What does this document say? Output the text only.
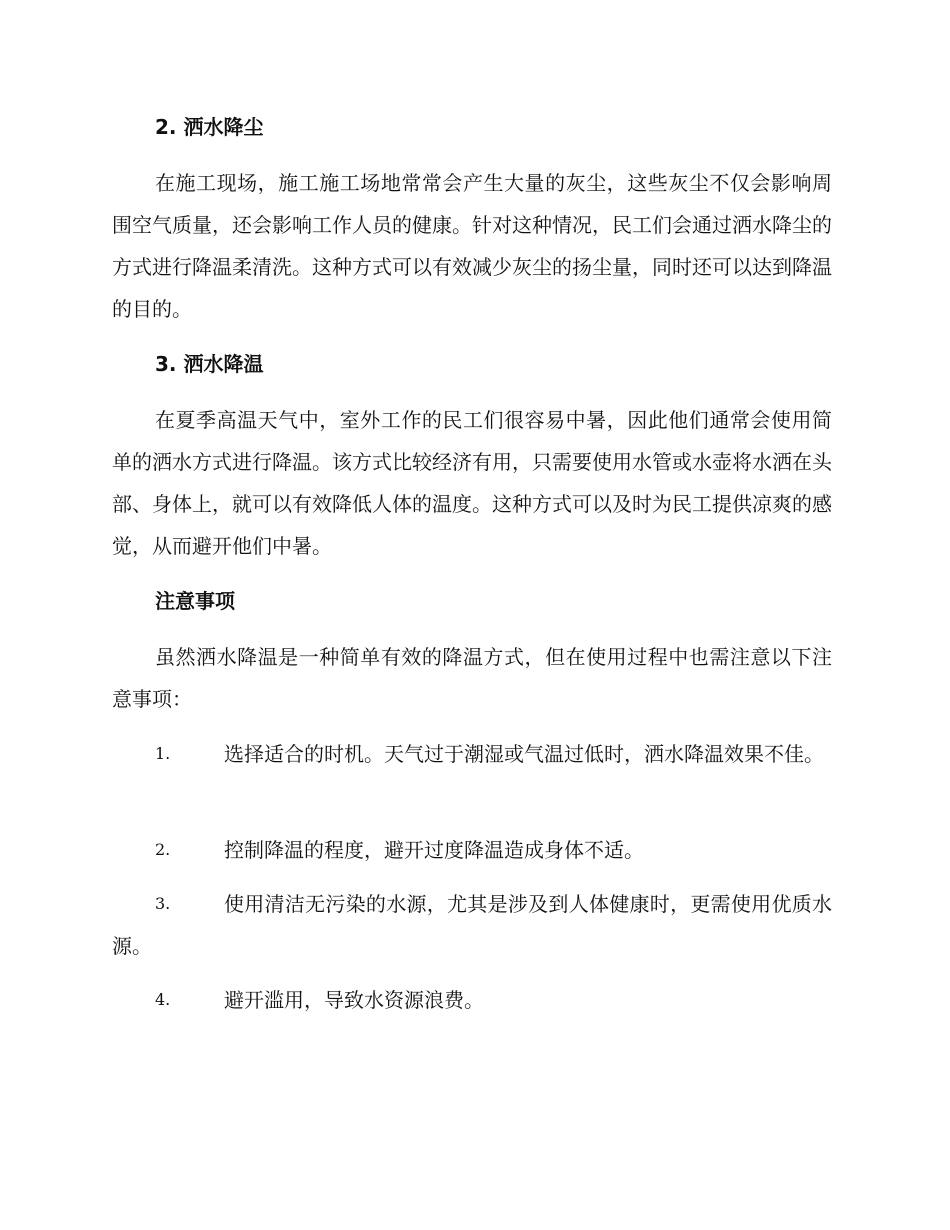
2. 洒水降尘
在施工现场，施工施工场地常常会产生大量的灰尘，这些灰尘不仅会影响周围空气质量，还会影响工作人员的健康。针对这种情况，民工们会通过洒水降尘的方式进行降温柔清洗。这种方式可以有效减少灰尘的扬尘量，同时还可以达到降温的目的。
3. 洒水降温
在夏季高温天气中，室外工作的民工们很容易中暑，因此他们通常会使用简单的洒水方式进行降温。该方式比较经济有用，只需要使用水管或水壶将水洒在头部、身体上，就可以有效降低人体的温度。这种方式可以及时为民工提供凉爽的感觉，从而避开他们中暑。
注意事项
虽然洒水降温是一种简单有效的降温方式，但在使用过程中也需注意以下注意事项：
1.	选择适合的时机。天气过于潮湿或气温过低时，洒水降温效果不佳。
2.	控制降温的程度，避开过度降温造成身体不适。
3.	使用清洁无污染的水源，尤其是涉及到人体健康时，更需使用优质水源。
4.	避开滥用，导致水资源浪费。
